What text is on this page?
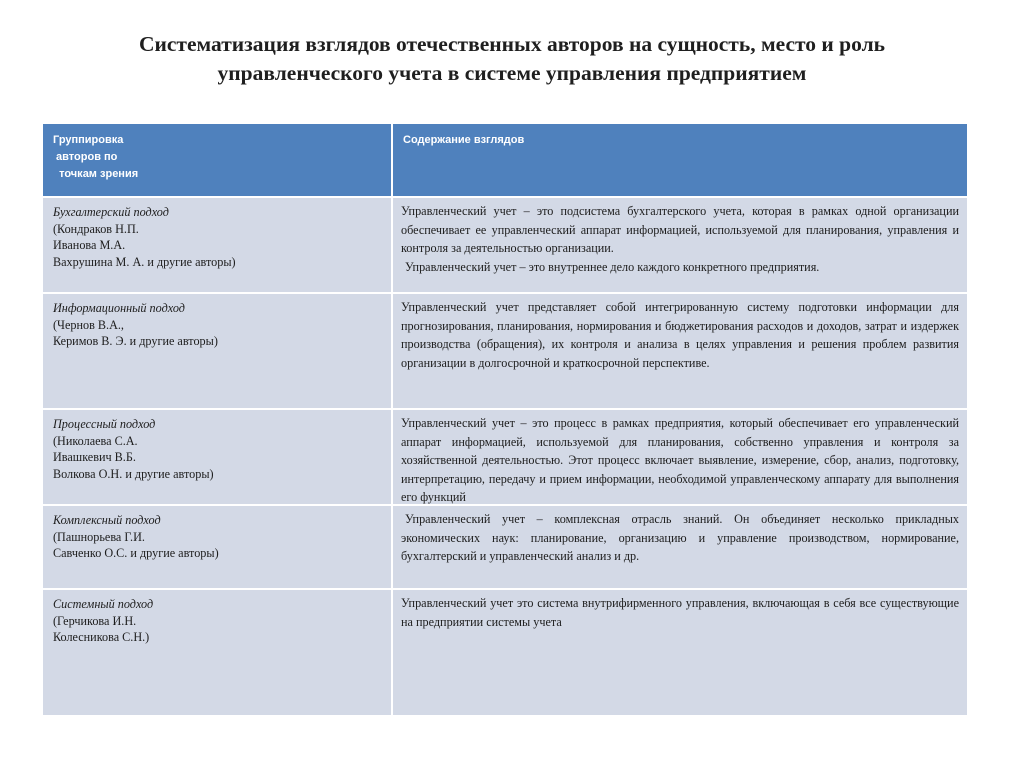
Систематизация взглядов отечественных авторов на сущность, место и роль
управленческого учета в системе управления предприятием
Группировка
авторов по
точкам зрения
Содержание взглядов
Бухгалтерский подход
(Кондраков Н.П.
Иванова М.А.
Вахрушина М. А. и другие авторы)
Управленческий учет – это подсистема бухгалтерского учета, которая в рамках одной организации обеспечивает ее управленческий аппарат информацией, используемой для планирования, управления и контроля за деятельностью организации.
Управленческий учет – это внутреннее дело каждого конкретного предприятия.
Информационный подход
(Чернов В.А.,
Керимов В. Э. и другие авторы)
Управленческий учет представляет собой интегрированную систему подготовки информации для прогнозирования, планирования, нормирования и бюджетирования расходов и доходов, затрат и издержек производства (обращения), их контроля и анализа в целях управления и решения проблем развития организации в долгосрочной и краткосрочной перспективе.
Процессный подход
(Николаева С.А.
Ивашкевич В.Б.
Волкова О.Н. и другие авторы)
Управленческий учет – это процесс в рамках предприятия, который обеспечивает его управленческий аппарат информацией, используемой для планирования, собственно управления и контроля за хозяйственной деятельностью. Этот процесс включает выявление, измерение, сбор, анализ, подготовку, интерпретацию, передачу и прием информации, необходимой управленческому аппарату для выполнения его функций
Комплексный подход
(Пашнорьева Г.И.
Савченко О.С. и другие авторы)
Управленческий учет – комплексная отрасль знаний. Он объединяет несколько прикладных экономических наук: планирование, организацию и управление производством, нормирование, бухгалтерский и управленческий анализ и др.
Системный подход
(Герчикова И.Н.
Колесникова С.Н.)
Управленческий учет это система внутрифирменного управления, включающая в себя все существующие на предприятии системы учета
